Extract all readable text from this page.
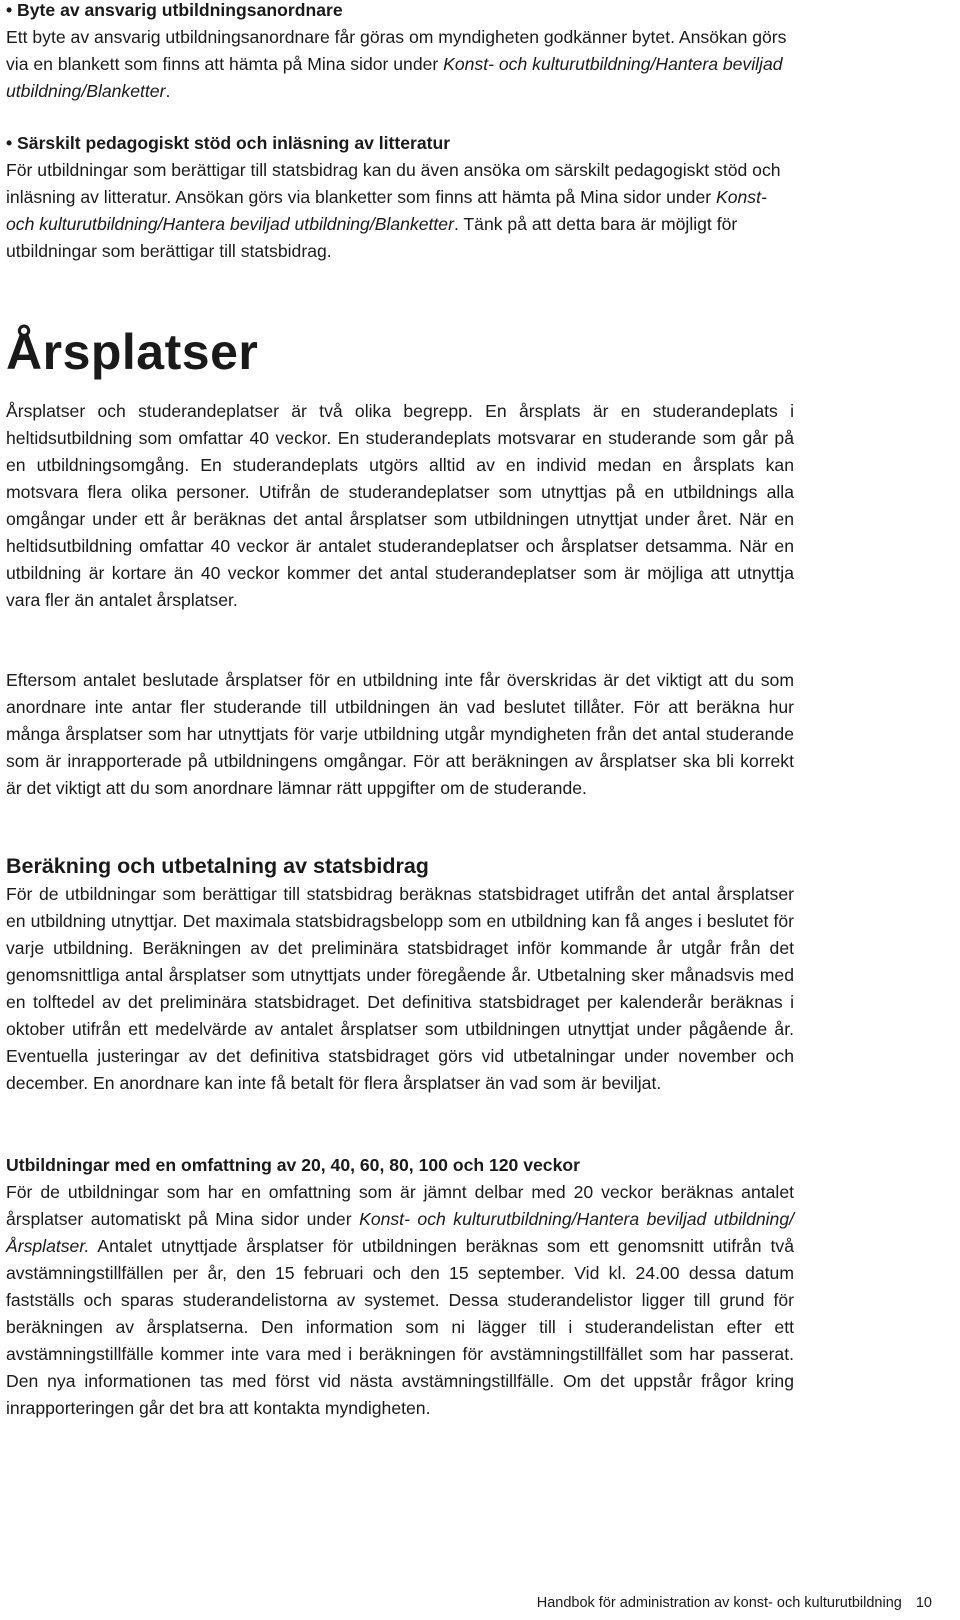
• Byte av ansvarig utbildningsanordnare

Ett byte av ansvarig utbildningsanordnare får göras om myndigheten godkänner bytet. Ansökan görs via en blankett som finns att hämta på Mina sidor under Konst- och kulturutbildning/Hantera beviljad utbildning/Blanketter.

• Särskilt pedagogiskt stöd och inläsning av litteratur

För utbildningar som berättigar till statsbidrag kan du även ansöka om särskilt pedagogiskt stöd och inläsning av litteratur. Ansökan görs via blanketter som finns att hämta på Mina sidor under Konst- och kulturutbildning/Hantera beviljad utbildning/Blanketter. Tänk på att detta bara är möjligt för utbildningar som berättigar till statsbidrag.

Årsplatser

Årsplatser och studerandeplatser är två olika begrepp. En årsplats är en studerandeplats i heltidsutbildning som omfattar 40 veckor. En studerandeplats motsvarar en studerande som går på en utbildningsomgång. En studerandeplats utgörs alltid av en individ medan en årsplats kan motsvara flera olika personer. Utifrån de studerandeplatser som utnyttjas på en utbildnings alla omgångar under ett år beräknas det antal årsplatser som utbildningen utnyttjat under året. När en heltidsutbildning omfattar 40 veckor är antalet studerandeplatser och årsplatser detsamma. När en utbildning är kortare än 40 veckor kommer det antal studerandeplatser som är möjliga att utnyttja vara fler än antalet årsplatser.

Eftersom antalet beslutade årsplatser för en utbildning inte får överskridas är det viktigt att du som anordnare inte antar fler studerande till utbildningen än vad beslutet tillåter. För att beräkna hur många årsplatser som har utnyttjats för varje utbildning utgår myndigheten från det antal studerande som är inrapporterade på utbildningens omgångar. För att beräkningen av årsplatser ska bli korrekt är det viktigt att du som anordnare lämnar rätt uppgifter om de studerande.

Beräkning och utbetalning av statsbidrag

För de utbildningar som berättigar till statsbidrag beräknas statsbidraget utifrån det antal årsplatser en utbildning utnyttjar. Det maximala statsbidragsbelopp som en utbildning kan få anges i beslutet för varje utbildning. Beräkningen av det preliminära statsbidraget inför kommande år utgår från det genomsnittliga antal årsplatser som utnyttjats under föregående år. Utbetalning sker månadsvis med en tolftedel av det preliminära statsbidraget. Det definitiva statsbidraget per kalenderår beräknas i oktober utifrån ett medelvärde av antalet årsplatser som utbildningen utnyttjat under pågående år. Eventuella justeringar av det definitiva statsbidraget görs vid utbetalningar under november och december. En anordnare kan inte få betalt för flera årsplatser än vad som är beviljat.

Utbildningar med en omfattning av 20, 40, 60, 80, 100 och 120 veckor

För de utbildningar som har en omfattning som är jämnt delbar med 20 veckor beräknas antalet årsplatser automatiskt på Mina sidor under Konst- och kulturutbildning/Hantera beviljad utbildning/Årsplatser. Antalet utnyttjade årsplatser för utbildningen beräknas som ett genomsnitt utifrån två avstämningstillfällen per år, den 15 februari och den 15 september. Vid kl. 24.00 dessa datum fastställs och sparas studerandelistorna av systemet. Dessa studerandelistor ligger till grund för beräkningen av årsplatserna. Den information som ni lägger till i studerandelistan efter ett avstämningstillfälle kommer inte vara med i beräkningen för avstämningstillfället som har passerat. Den nya informationen tas med först vid nästa avstämningstillfälle. Om det uppstår frågor kring inrapporteringen går det bra att kontakta myndigheten.

Handbok för administration av konst- och kulturutbildning 10
